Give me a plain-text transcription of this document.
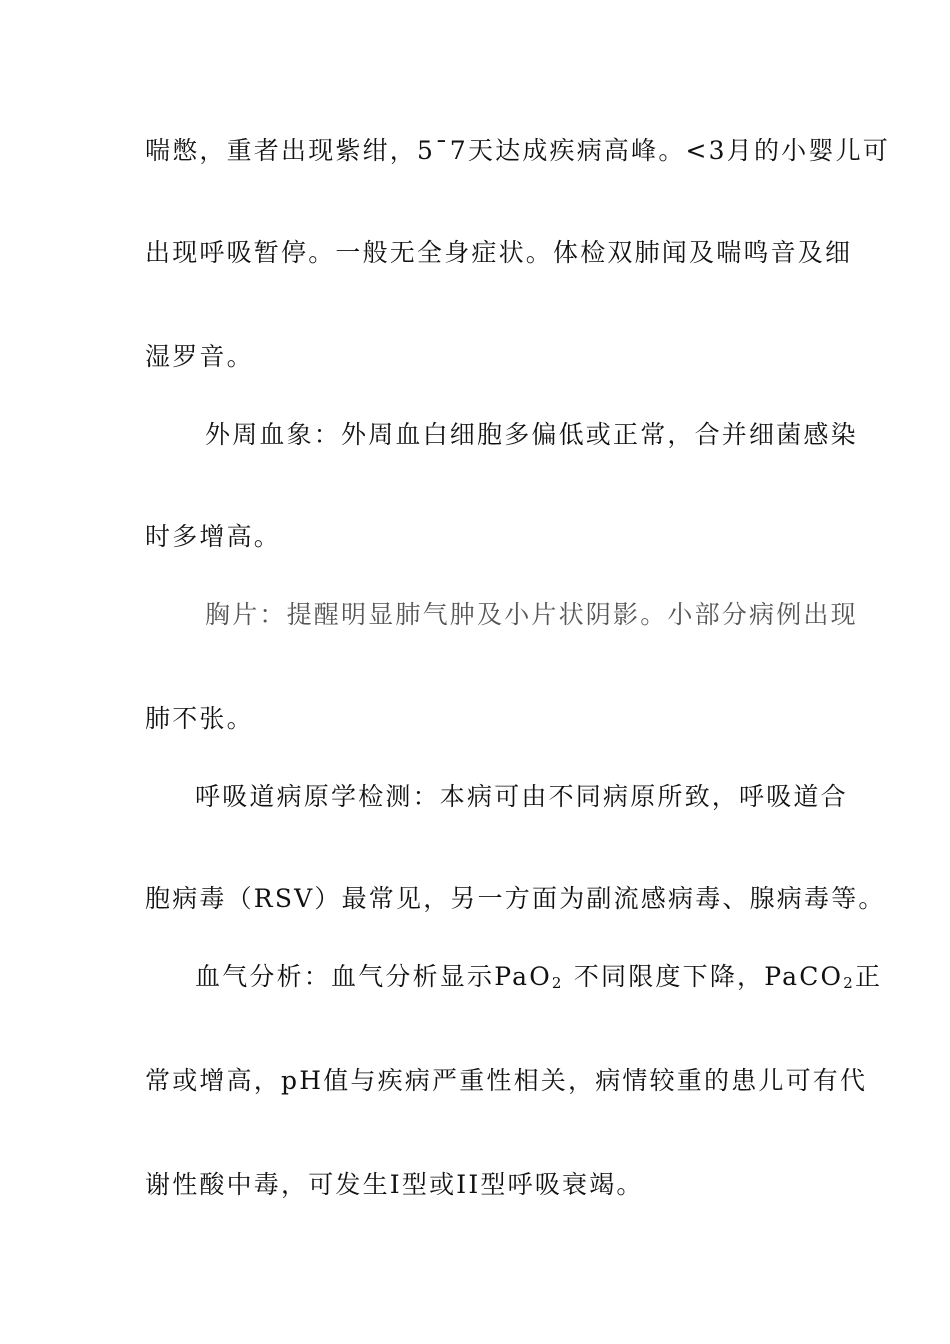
喘憋，重者出现紫绀，5¯7天达成疾病高峰。<3月的小婴儿可
出现呼吸暂停。一般无全身症状。体检双肺闻及喘鸣音及细
湿罗音。
外周血象：外周血白细胞多偏低或正常，合并细菌感染
时多增高。
胸片：提醒明显肺气肿及小片状阴影。小部分病例出现
肺不张。
呼吸道病原学检测：本病可由不同病原所致，呼吸道合
胞病毒（RSV）最常见，另一方面为副流感病毒、腺病毒等。
血气分析：血气分析显示PaO$_2$ 不同限度下降，PaCO$_2$正
常或增高，pH值与疾病严重性相关，病情较重的患儿可有代
谢性酸中毒，可发生I型或II型呼吸衰竭。
